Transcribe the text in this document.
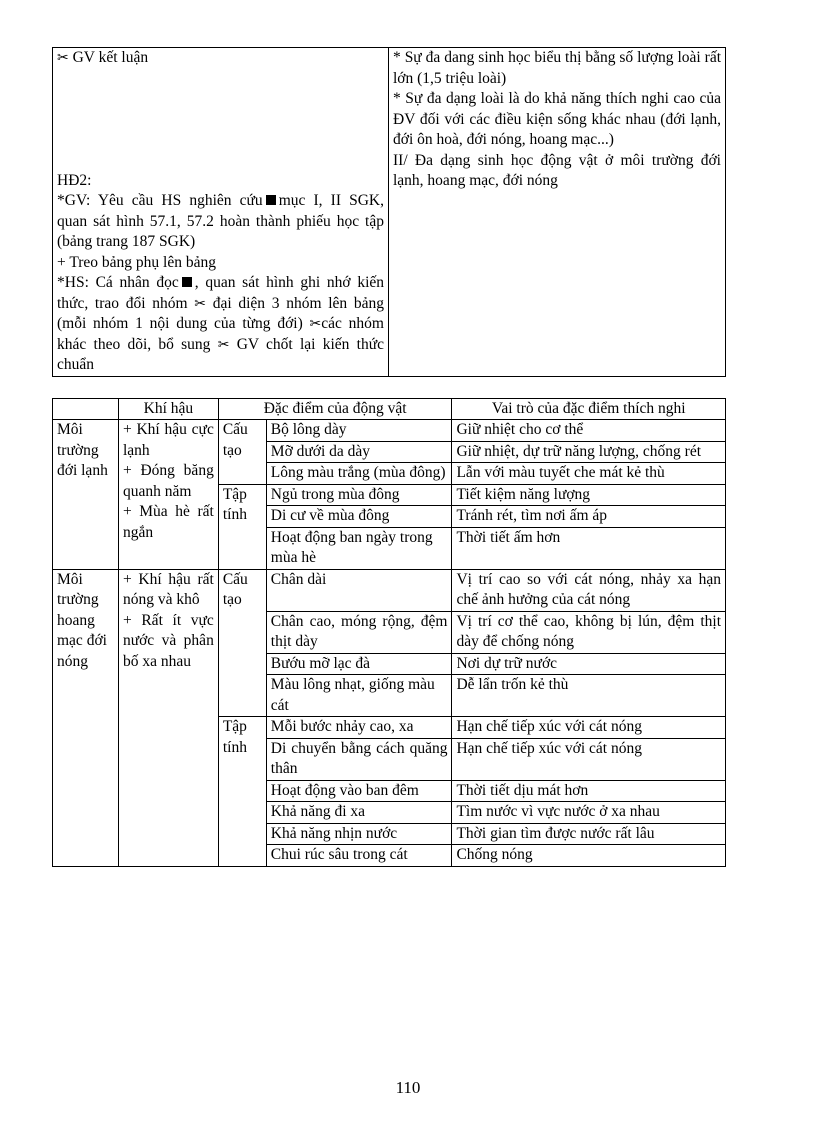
✂ GV kết luận
HĐ2:
*GV: Yêu cầu HS nghiên cứu mục I, II SGK, quan sát hình 57.1, 57.2 hoàn thành phiếu học tập (bảng trang 187 SGK)
+ Treo bảng phụ lên bảng
*HS: Cá nhân đọc , quan sát hình ghi nhớ kiến thức, trao đổi nhóm ✂ đại diện 3 nhóm lên bảng (mỗi nhóm 1 nội dung của từng đới) ✂các nhóm khác theo dõi, bổ sung ✂ GV chốt lại kiến thức chuẩn

* Sự đa dang sinh học biểu thị bằng số lượng loài rất lớn (1,5 triệu loài)
* Sự đa dạng loài là do khả năng thích nghi cao của ĐV đối với các điều kiện sống khác nhau (đới lạnh, đới ôn hoà, đới nóng, hoang mạc...)
II/ Đa dạng sinh học động vật ở môi trường đới lạnh, hoang mạc, đới nóng
	Khí hậu	Đặc điểm của động vật		Vai trò của đặc điểm thích nghi
Môi trường đới lạnh	+ Khí hậu cực lạnh
+ Đóng băng quanh năm
+ Mùa hè rất ngắn	Cấu tạo	Bộ lông dày	Giữ nhiệt cho cơ thể
			Mỡ dưới da dày	Giữ nhiệt, dự trữ năng lượng, chống rét
			Lông màu trắng (mùa đông)	Lẫn với màu tuyết che mát kẻ thù
		Tập tính	Ngủ trong mùa đông	Tiết kiệm năng lượng
			Di cư về mùa đông	Tránh rét, tìm nơi ấm áp
			Hoạt động ban ngày trong mùa hè	Thời tiết ấm hơn
Môi trường hoang mạc đới nóng	+ Khí hậu rất nóng và khô
+ Rất ít vực nước và phân bố xa nhau	Cấu tạo	Chân dài	Vị trí cao so với cát nóng, nhảy xa hạn chế ảnh hưởng của cát nóng
			Chân cao, móng rộng, đệm thịt dày	Vị trí cơ thể cao, không bị lún, đệm thịt dày để chống nóng
			Bướu mỡ lạc đà	Nơi dự trữ nước
			Màu lông nhạt, giống màu cát	Dễ lẩn trốn kẻ thù
		Tập tính	Mỗi bước nhảy cao, xa	Hạn chế tiếp xúc với cát nóng
			Di chuyển bằng cách quăng thân	Hạn chế tiếp xúc với cát nóng
			Hoạt động vào ban đêm	Thời tiết dịu mát hơn
			Khả năng đi xa	Tìm nước vì vực nước ở xa nhau
			Khả năng nhịn nước	Thời gian tìm được nước rất lâu
			Chui rúc sâu trong cát	Chống nóng
110
